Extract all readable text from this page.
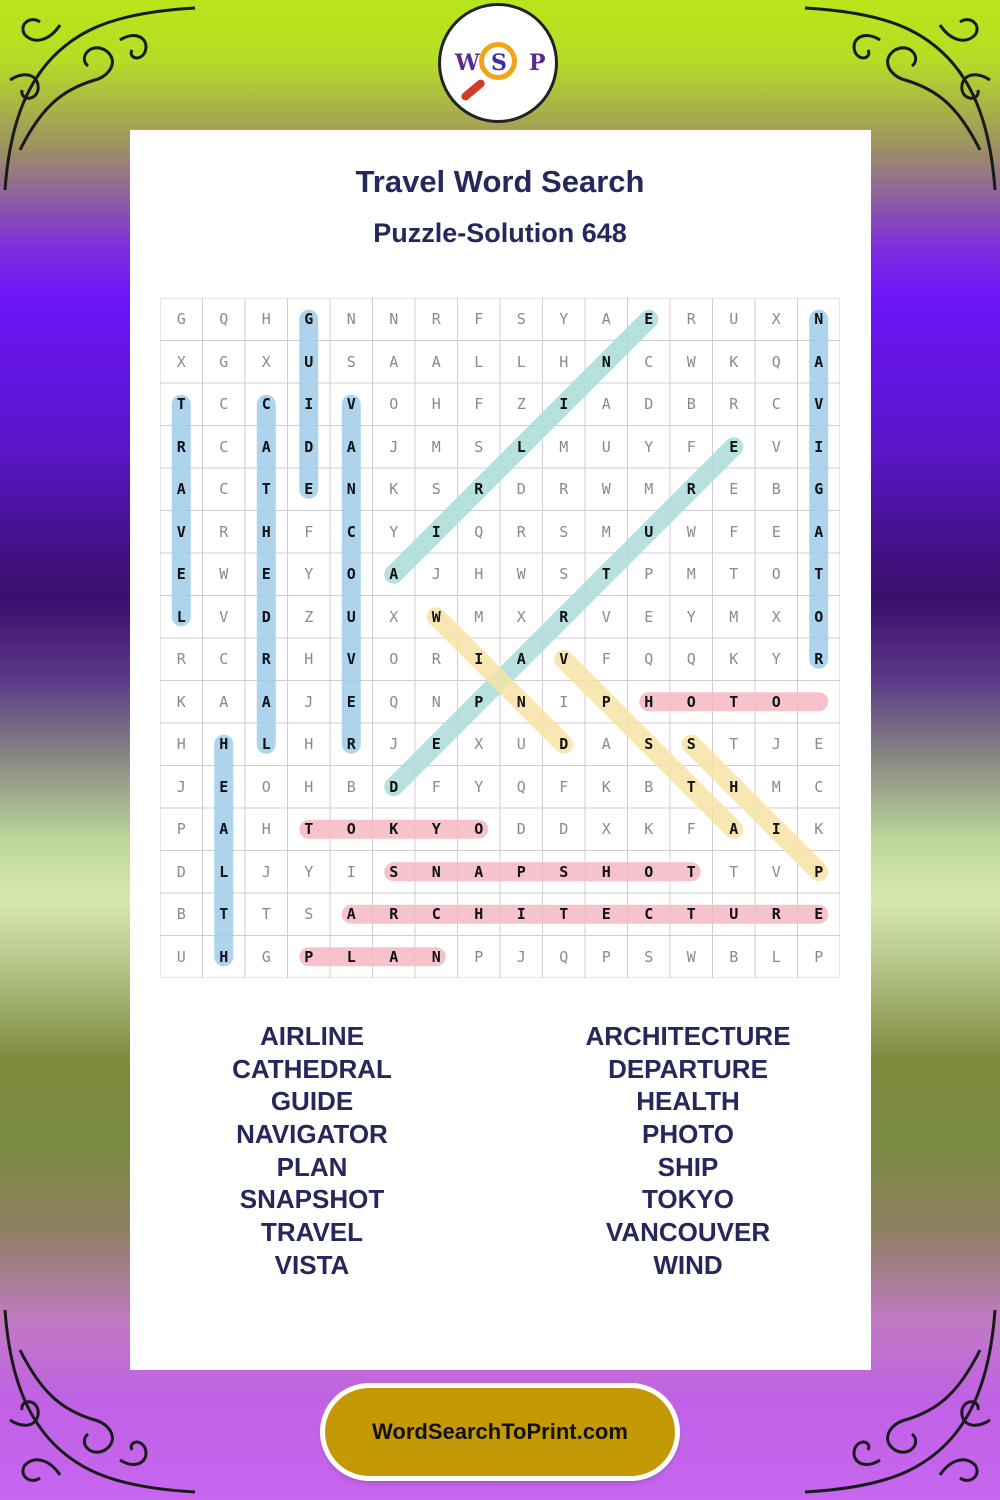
W S P
Travel Word Search
Puzzle-Solution 648
G	Q	H	G	N	N	R	F	S	Y	A	E	R	U	X	N
X	G	X	U	S	A	A	L	L	H	N	C	W	K	Q	A
T	C	C	I	V	O	H	F	Z	I	A	D	B	R	C	V
R	C	A	D	A	J	M	S	L	M	U	Y	F	E	V	I
A	C	T	E	N	K	S	R	D	R	W	M	R	E	B	G
V	R	H	F	C	Y	I	Q	R	S	M	U	W	F	E	A
E	W	E	Y	O	A	J	H	W	S	T	P	M	T	O	T
L	V	D	Z	U	X	W	M	X	R	V	E	Y	M	X	O
R	C	R	H	V	O	R	I	A	V	F	Q	Q	K	Y	R
K	A	A	J	E	Q	N	P	N	I	P	H	O	T	O
H	H	L	H	R	J	E	X	U	D	A	S	S	T	J	E
J	E	O	H	B	D	F	Y	Q	F	K	B	T	H	M	C
P	A	H	T	O	K	Y	O	D	D	X	K	F	A	I	K
D	L	J	Y	I	S	N	A	P	S	H	O	T	T	V	P
B	T	T	S	A	R	C	H	I	T	E	C	T	U	R	E
U	H	G	P	L	A	N	P	J	Q	P	S	W	B	L	P
AIRLINE
CATHEDRAL
GUIDE
NAVIGATOR
PLAN
SNAPSHOT
TRAVEL
VISTA
ARCHITECTURE
DEPARTURE
HEALTH
PHOTO
SHIP
TOKYO
VANCOUVER
WIND
WordSearchToPrint.com
